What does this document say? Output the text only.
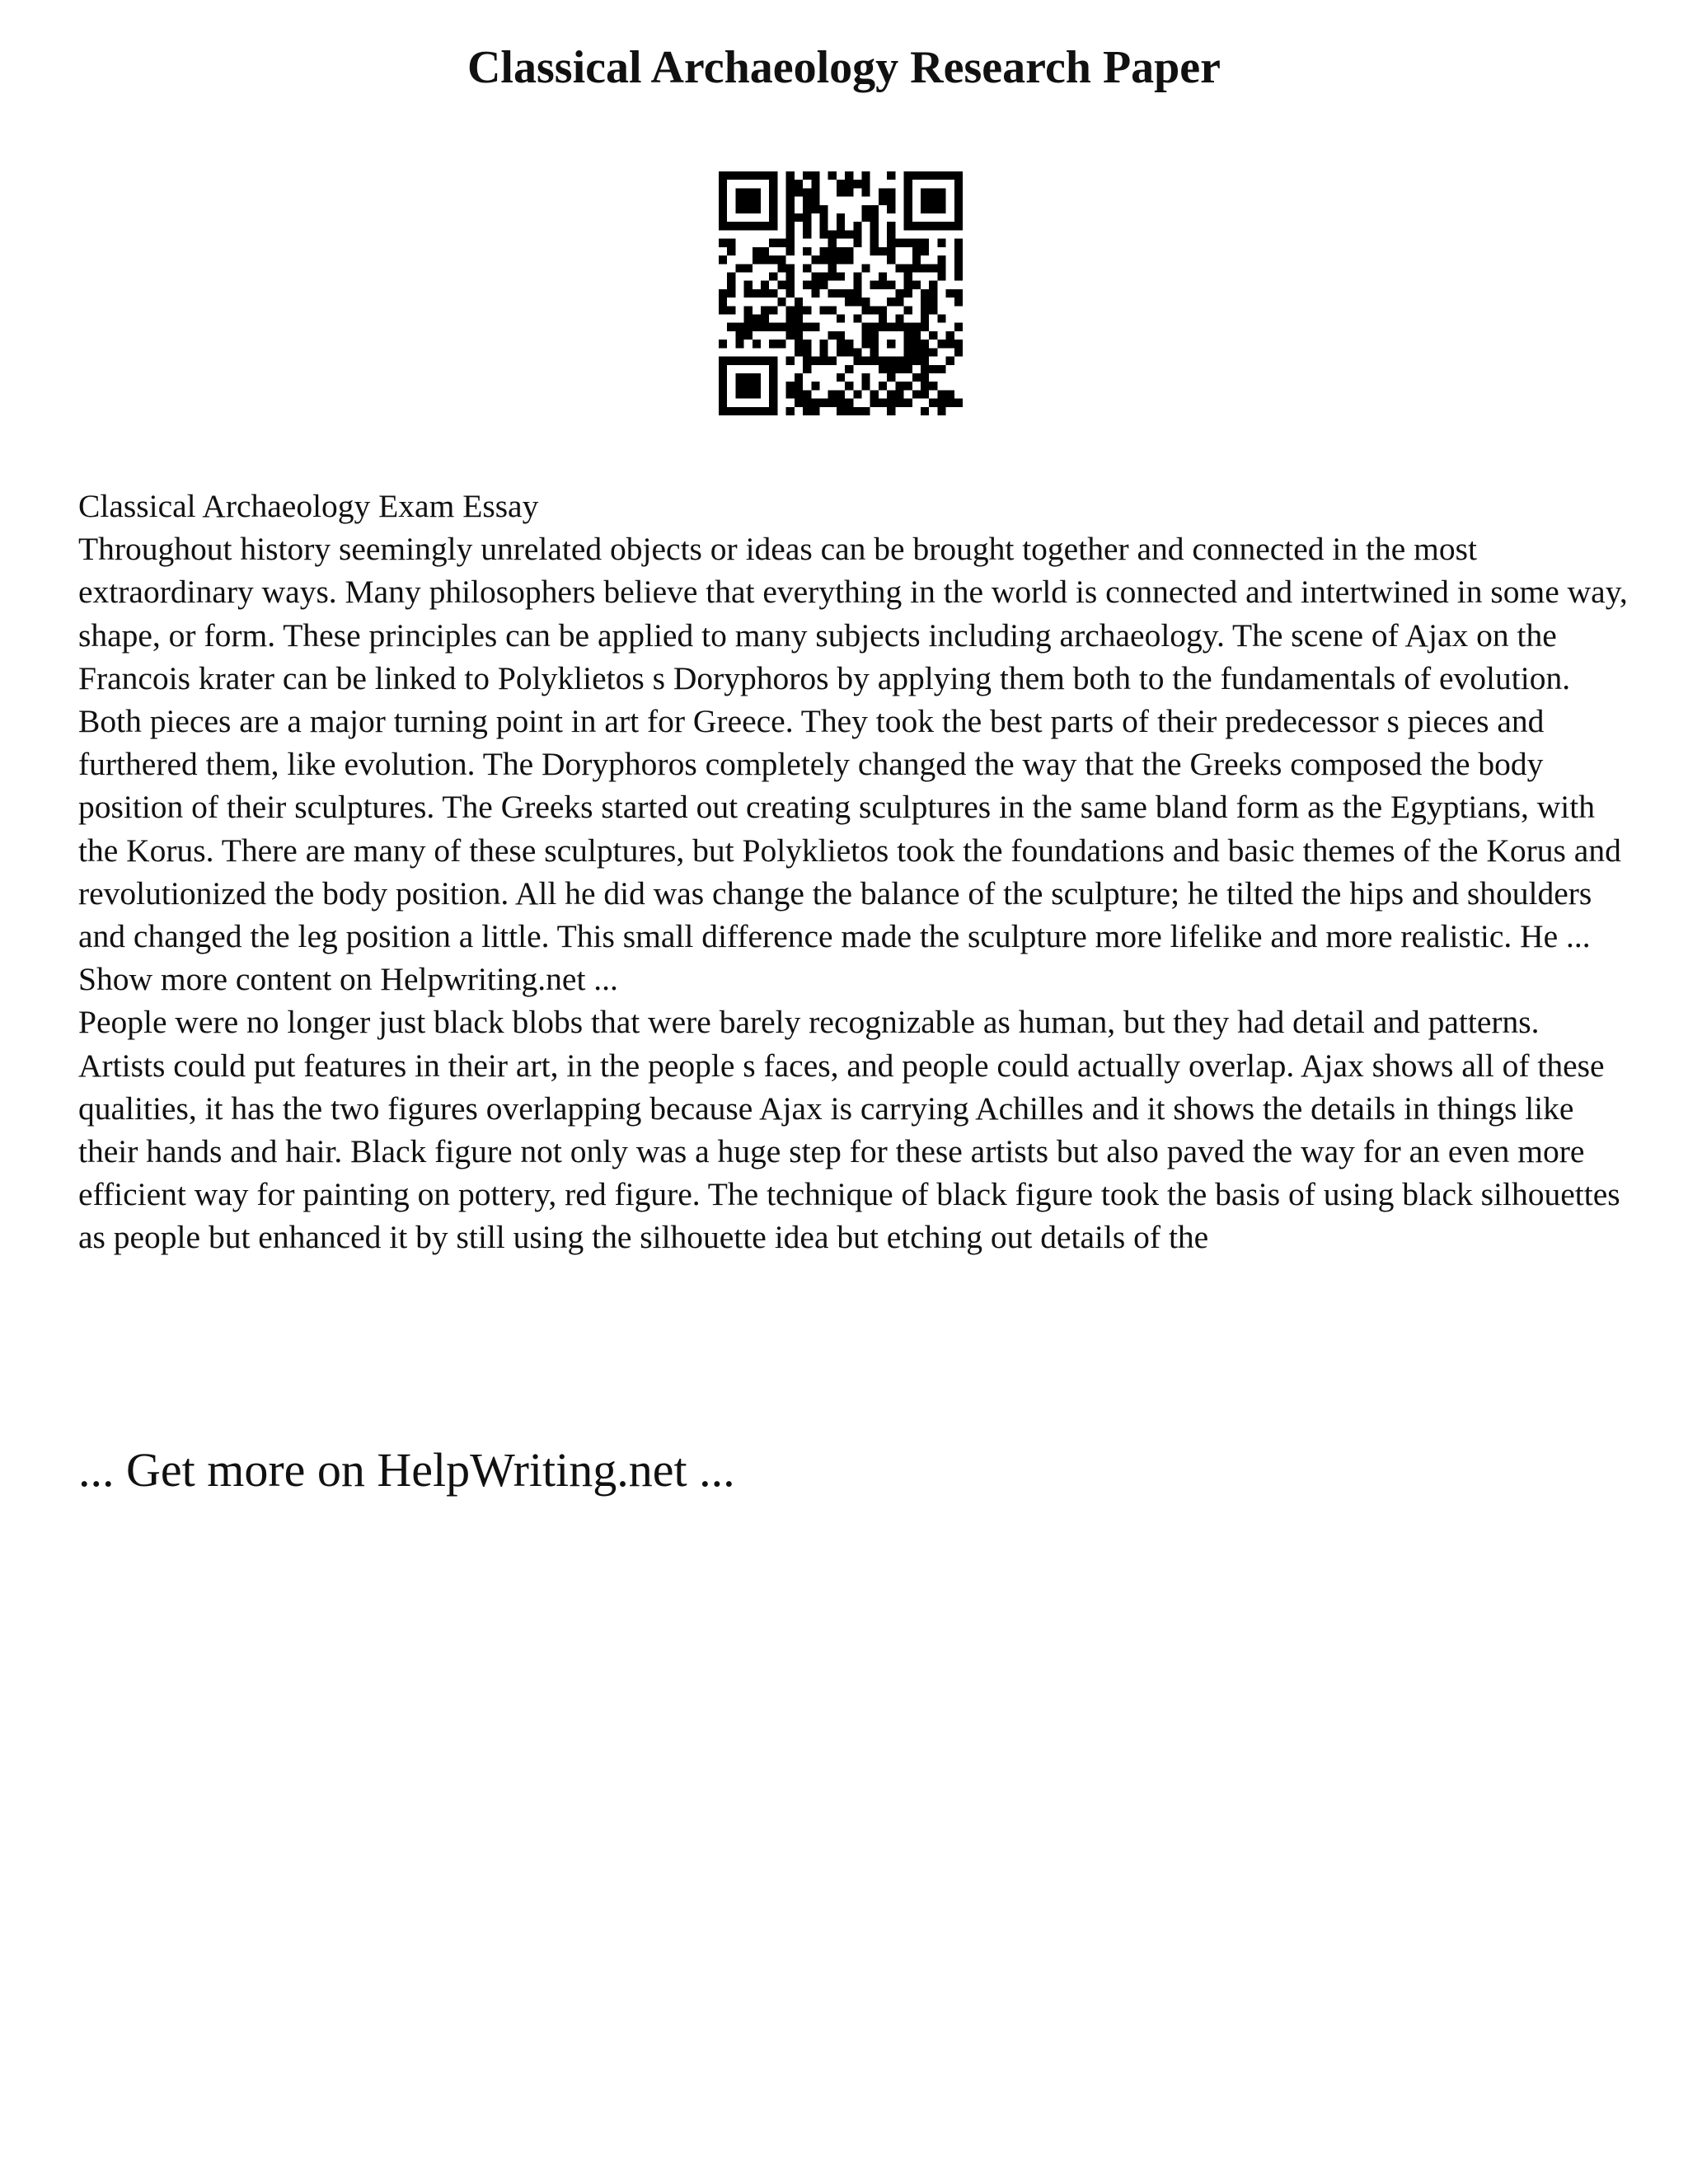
Classical Archaeology Research Paper

Classical Archaeology Exam Essay

Throughout history seemingly unrelated objects or ideas can be brought together and connected in the most extraordinary ways. Many philosophers believe that everything in the world is connected and intertwined in some way, shape, or form. These principles can be applied to many subjects including archaeology. The scene of Ajax on the Francois krater can be linked to Polyklietos s Doryphoros by applying them both to the fundamentals of evolution.

Both pieces are a major turning point in art for Greece. They took the best parts of their predecessor s pieces and furthered them, like evolution. The Doryphoros completely changed the way that the Greeks composed the body position of their sculptures. The Greeks started out creating sculptures in the same bland form as the Egyptians, with the Korus. There are many of these sculptures, but Polyklietos took the foundations and basic themes of the Korus and revolutionized the body position. All he did was change the balance of the sculpture; he tilted the hips and shoulders and changed the leg position a little. This small difference made the sculpture more lifelike and more realistic. He ...

Show more content on Helpwriting.net ...

People were no longer just black blobs that were barely recognizable as human, but they had detail and patterns. Artists could put features in their art, in the people s faces, and people could actually overlap. Ajax shows all of these qualities, it has the two figures overlapping because Ajax is carrying Achilles and it shows the details in things like their hands and hair. Black figure not only was a huge step for these artists but also paved the way for an even more efficient way for painting on pottery, red figure. The technique of black figure took the basis of using black silhouettes as people but enhanced it by still using the silhouette idea but etching out details of the

... Get more on HelpWriting.net ...
